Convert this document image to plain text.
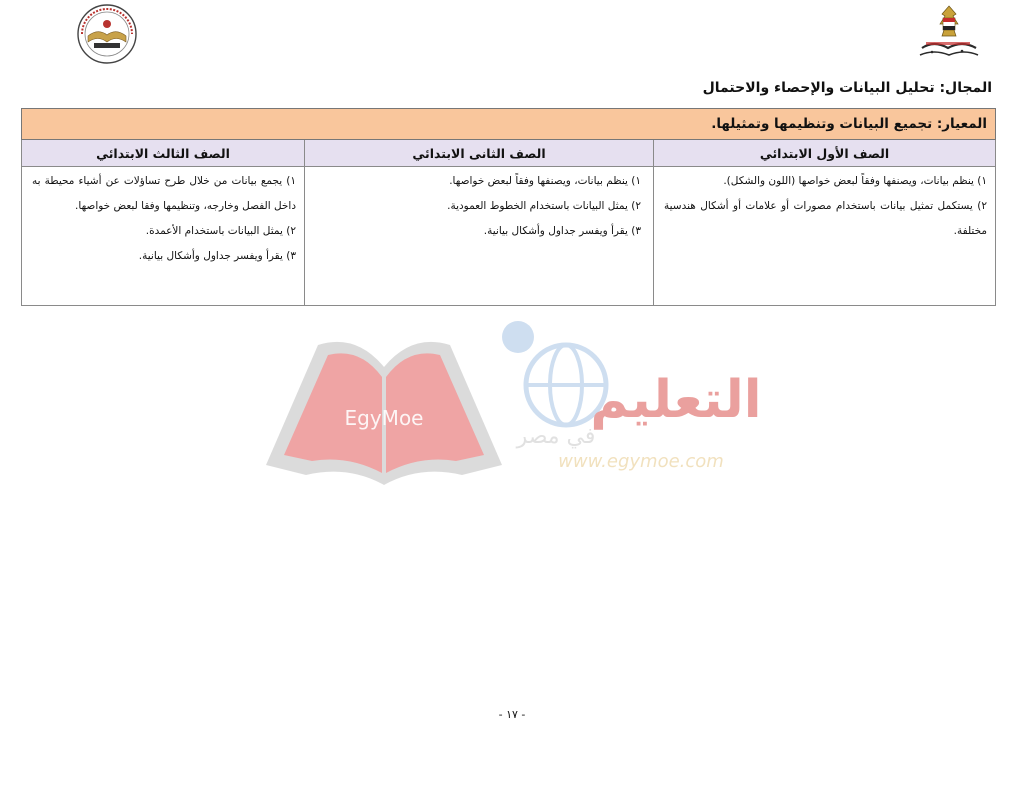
المجال: تحليل البيانات والإحصاء والاحتمال
المعيار: تجميع البيانات وتنظيمها وتمثيلها.		
الصف الأول الابتدائي	الصف الثانى الابتدائي	الصف الثالث الابتدائي

١) ينظم بيانات، ويصنفها وفقاً لبعض خواصها (اللون والشكل).
٢) يستكمل تمثيل بيانات باستخدام مصورات أو علامات أو أشكال هندسية مختلفة.	١) ينظم بيانات، ويصنفها وفقاً لبعض خواصها.
٢) يمثل البيانات باستخدام الخطوط العمودية.
٣) يقرأ ويفسر جداول وأشكال بيانية.	١) يجمع بيانات من خلال طرح تساؤلات عن أشياء محيطة به داخل الفصل وخارجه، وتنظيمها وفقا لبعض خواصها.
٢) يمثل البيانات باستخدام الأعمدة.
٣) يقرأ ويفسر جداول وأشكال بيانية.
EgyMoe	التعليم
في مصر
www.egymoe.com
- ١٧ -
